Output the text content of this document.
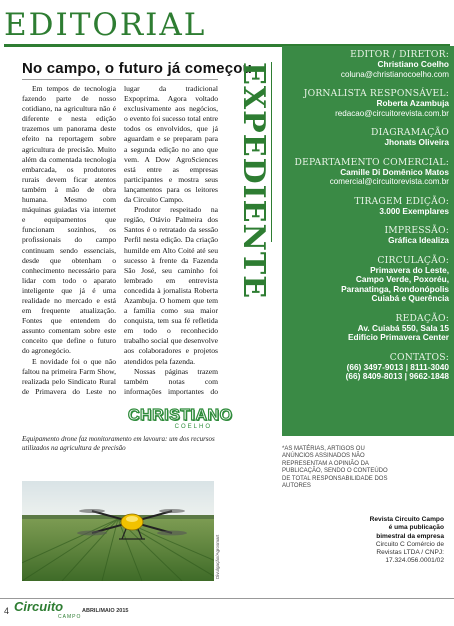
EDITORIAL
No campo, o futuro já começou

Em tempos de tecnologia fazendo parte de nosso cotidiano, na agricultura não é diferente e nesta edição trazemos um panorama deste efeito na reportagem sobre agricultura de precisão. Muito além da comentada tecnologia embarcada, os produtores rurais devem ficar atentos também à mão de obra humana. Mesmo com máquinas guiadas via internet e equipamentos que funcionam sozinhos, os profissionais do campo continuam sendo essenciais, desde que obtenham o conhecimento necessário para lidar com todo o aparato inteligente que já é uma realidade no mercado e está em frequente atualização. Fontes que entendem do assunto comentam sobre este conceito que define o futuro do agronegócio.

E novidade foi o que não faltou na primeira Farm Show, realizada pelo Sindicato Rural de Primavera do Leste no lugar da tradicional Expoprima. Agora voltado exclusivamente aos negócios, o evento foi sucesso total entre todos os envolvidos, que já aguardam e se preparam para a segunda edição no ano que vem. A Dow AgroSciences está entre as empresas participantes e mostra seus lançamentos para os leitores da Circuito Campo.

Produtor respeitado na região, Otávio Palmeira dos Santos é o retratado da sessão Perfil nesta edição. Da criação humilde em Alto Coité até seu sucesso à frente da Fazenda São José, seu caminho foi lembrado em entrevista concedida à jornalista Roberta Azambuja. O homem que tem a família como sua maior conquista, tem sua fé refletida em todo o reconhecido trabalho social que desenvolve aos colaboradores e projetos atendidos pela fazenda.

Nossas páginas trazem também notas com informações importantes do

CHRISTIANO
COELHO
Equipamento drone faz monitoramento em lavoura: um dos recursos utilizados na agricultura de precisão
Divulgação/Agrosmart
EXPEDIENTE
EDITOR / DIRETOR:
Christiano Coelho
coluna@christianocoelho.com
JORNALISTA RESPONSÁVEL:
Roberta Azambuja
redacao@circuitorevista.com.br
DIAGRAMAÇÃO
Jhonats Oliveira
DEPARTAMENTO COMERCIAL:
Camille Di Domênico Matos
comercial@circuitorevista.com.br
TIRAGEM EDIÇÃO:
3.000 Exemplares
IMPRESSÃO:
Gráfica Idealiza
CIRCULAÇÃO:
Primavera do Leste,
Campo Verde, Poxoréu,
Paranatinga, Rondonópolis
Cuiabá e Querência
REDAÇÃO:
Av. Cuiabá 550, Sala 15
Edifício Primavera Center
CONTATOS:
(66) 3497-9013 | 8111-3040
(66) 8409-8013 | 9662-1848
*AS MATÉRIAS, ARTIGOS OU ANÚNCIOS ASSINADOS NÃO REPRESENTAM A OPINIÃO DA PUBLICAÇÃO, SENDO O CONTEÚDO DE TOTAL RESPONSABILIDADE DOS AUTORES
Revista Circuito Campo
é uma publicação
bimestral da empresa
Circuito C Comércio de
Revistas LTDA / CNPJ:
17.324.056.0001/02
4 Circuito
CAMPO
ABRIL/MAIO 2015
